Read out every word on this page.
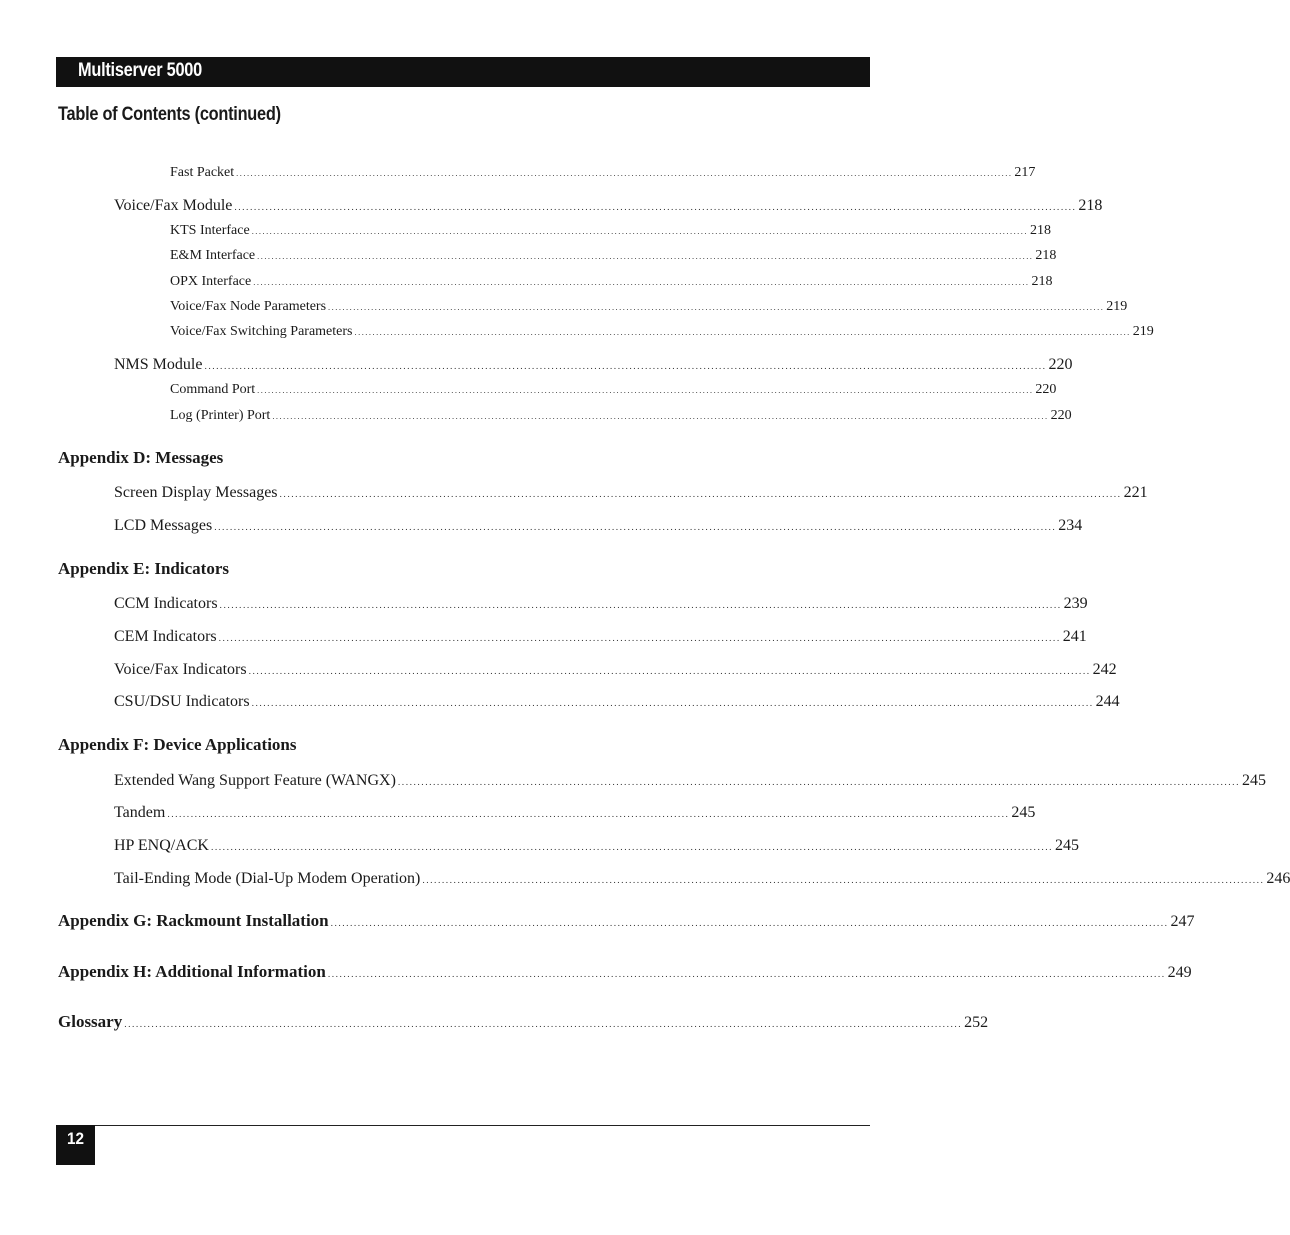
Multiserver 5000
Table of Contents (continued)
Fast Packet ........................................................................................................................................................................................................................ 217
Voice/Fax Module ........................................................................................................................................................................................................................ 218
KTS Interface ........................................................................................................................................................................................................................ 218
E&M Interface ........................................................................................................................................................................................................................ 218
OPX Interface ........................................................................................................................................................................................................................ 218
Voice/Fax Node Parameters ........................................................................................................................................................................................................................ 219
Voice/Fax Switching Parameters ........................................................................................................................................................................................................................ 219
NMS Module ........................................................................................................................................................................................................................ 220
Command Port ........................................................................................................................................................................................................................ 220
Log (Printer) Port ........................................................................................................................................................................................................................ 220
Appendix D: Messages
Screen Display Messages ........................................................................................................................................................................................................................ 221
LCD Messages ........................................................................................................................................................................................................................ 234
Appendix E: Indicators
CCM Indicators ........................................................................................................................................................................................................................ 239
CEM Indicators ........................................................................................................................................................................................................................ 241
Voice/Fax Indicators ........................................................................................................................................................................................................................ 242
CSU/DSU Indicators ........................................................................................................................................................................................................................ 244
Appendix F: Device Applications
Extended Wang Support Feature (WANGX) ........................................................................................................................................................................................................................ 245
Tandem ........................................................................................................................................................................................................................ 245
HP ENQ/ACK ........................................................................................................................................................................................................................ 245
Tail-Ending Mode (Dial-Up Modem Operation) ........................................................................................................................................................................................................................ 246
Appendix G: Rackmount Installation ........................................................................................................................................................................................................................ 247
Appendix H: Additional Information ........................................................................................................................................................................................................................ 249
Glossary ........................................................................................................................................................................................................................ 252
12
